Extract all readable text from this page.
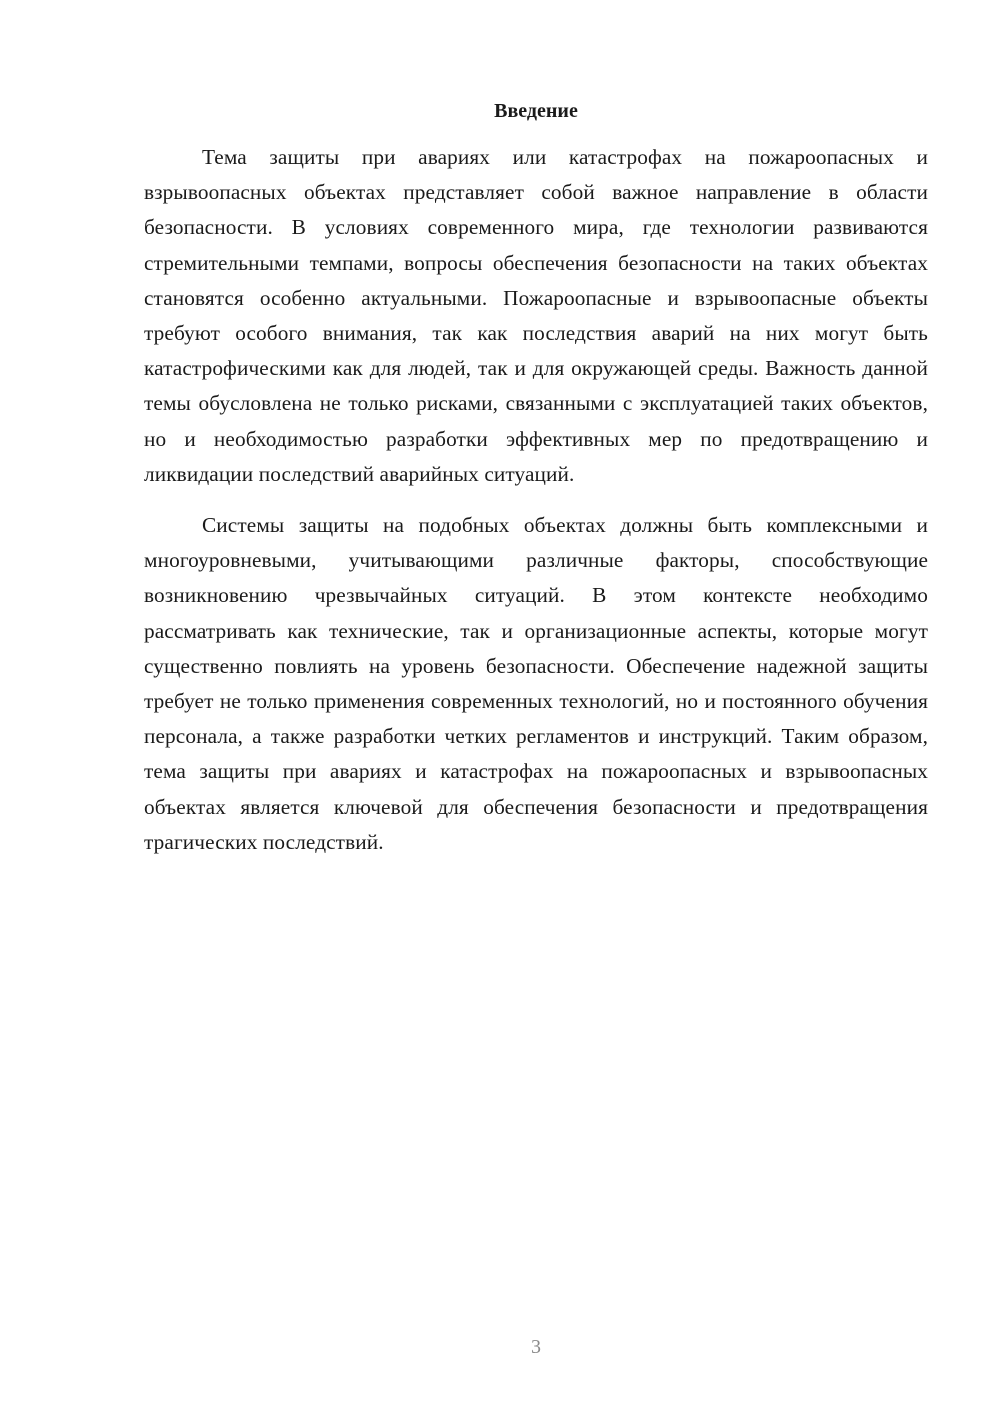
Введение

Тема защиты при авариях или катастрофах на пожароопасных и взрывоопасных объектах представляет собой важное направление в области безопасности. В условиях современного мира, где технологии развиваются стремительными темпами, вопросы обеспечения безопасности на таких объектах становятся особенно актуальными. Пожароопасные и взрывоопасные объекты требуют особого внимания, так как последствия аварий на них могут быть катастрофическими как для людей, так и для окружающей среды. Важность данной темы обусловлена не только рисками, связанными с эксплуатацией таких объектов, но и необходимостью разработки эффективных мер по предотвращению и ликвидации последствий аварийных ситуаций.

Системы защиты на подобных объектах должны быть комплексными и многоуровневыми, учитывающими различные факторы, способствующие возникновению чрезвычайных ситуаций. В этом контексте необходимо рассматривать как технические, так и организационные аспекты, которые могут существенно повлиять на уровень безопасности. Обеспечение надежной защиты требует не только применения современных технологий, но и постоянного обучения персонала, а также разработки четких регламентов и инструкций. Таким образом, тема защиты при авариях и катастрофах на пожароопасных и взрывоопасных объектах является ключевой для обеспечения безопасности и предотвращения трагических последствий.

3
